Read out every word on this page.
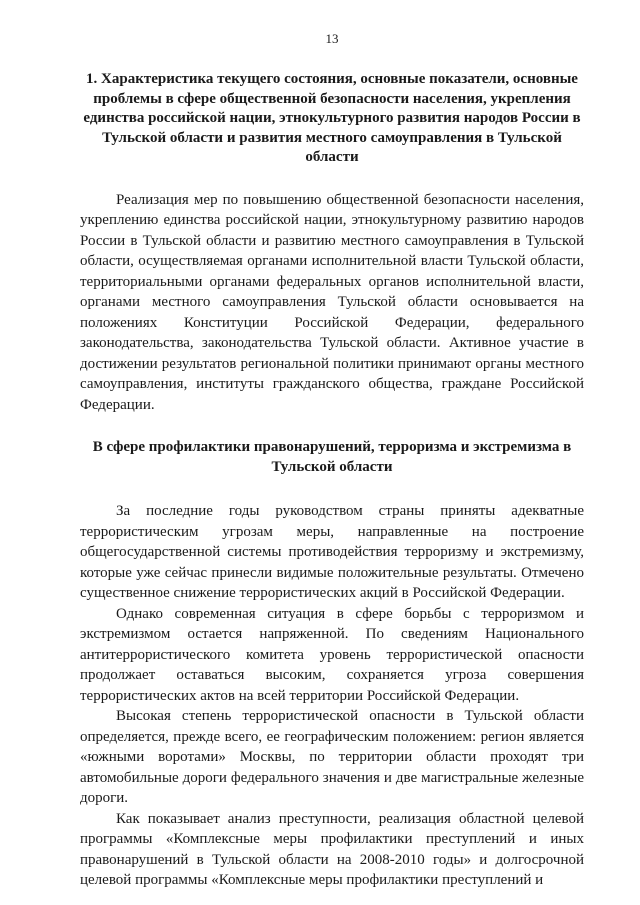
13
1. Характеристика текущего состояния, основные показатели, основные проблемы в сфере общественной безопасности населения, укрепления единства российской нации, этнокультурного развития народов России в Тульской области и развития местного самоуправления в Тульской области

Реализация мер по повышению общественной безопасности населения, укреплению единства российской нации, этнокультурному развитию народов России в Тульской области и развитию местного самоуправления в Тульской области, осуществляемая органами исполнительной власти Тульской области, территориальными органами федеральных органов исполнительной власти, органами местного самоуправления Тульской области основывается на положениях Конституции Российской Федерации, федерального законодательства, законодательства Тульской области. Активное участие в достижении результатов региональной политики принимают органы местного самоуправления, институты гражданского общества, граждане Российской Федерации.

В сфере профилактики правонарушений, терроризма и экстремизма в Тульской области

За последние годы руководством страны приняты адекватные террористическим угрозам меры, направленные на построение общегосударственной системы противодействия терроризму и экстремизму, которые уже сейчас принесли видимые положительные результаты. Отмечено существенное снижение террористических акций в Российской Федерации.

Однако современная ситуация в сфере борьбы с терроризмом и экстремизмом остается напряженной. По сведениям Национального антитеррористического комитета уровень террористической опасности продолжает оставаться высоким, сохраняется угроза совершения террористических актов на всей территории Российской Федерации.

Высокая степень террористической опасности в Тульской области определяется, прежде всего, ее географическим положением: регион является «южными воротами» Москвы, по территории области проходят три автомобильные дороги федерального значения и две магистральные железные дороги.

Как показывает анализ преступности, реализация областной целевой программы «Комплексные меры профилактики преступлений и иных правонарушений в Тульской области на 2008-2010 годы» и долгосрочной целевой программы «Комплексные меры профилактики преступлений и
